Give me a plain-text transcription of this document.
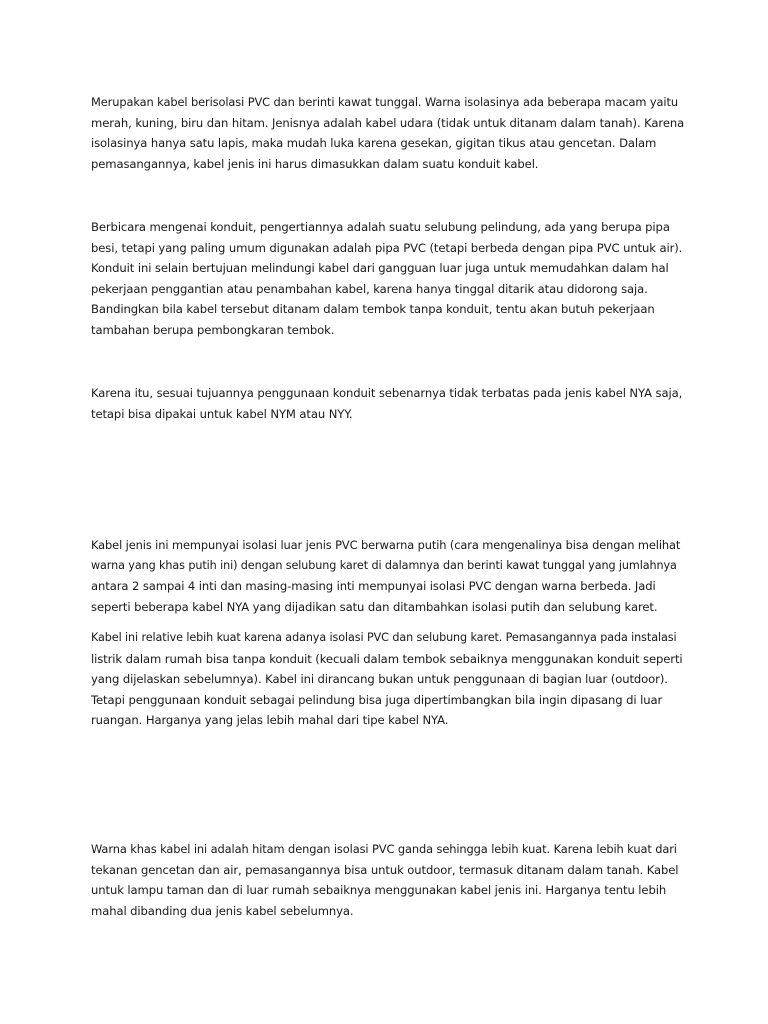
Merupakan kabel berisolasi PVC dan berinti kawat tunggal. Warna isolasinya ada beberapa macam yaitu
merah, kuning, biru dan hitam. Jenisnya adalah kabel udara (tidak untuk ditanam dalam tanah). Karena
isolasinya hanya satu lapis, maka mudah luka karena gesekan, gigitan tikus atau gencetan. Dalam
pemasangannya, kabel jenis ini harus dimasukkan dalam suatu konduit kabel.

Berbicara mengenai konduit, pengertiannya adalah suatu selubung pelindung, ada yang berupa pipa
besi, tetapi yang paling umum digunakan adalah pipa PVC (tetapi berbeda dengan pipa PVC untuk air).
Konduit ini selain bertujuan melindungi kabel dari gangguan luar juga untuk memudahkan dalam hal
pekerjaan penggantian atau penambahan kabel, karena hanya tinggal ditarik atau didorong saja.
Bandingkan bila kabel tersebut ditanam dalam tembok tanpa konduit, tentu akan butuh pekerjaan
tambahan berupa pembongkaran tembok.

Karena itu, sesuai tujuannya penggunaan konduit sebenarnya tidak terbatas pada jenis kabel NYA saja,
tetapi bisa dipakai untuk kabel NYM atau NYY.

Kabel jenis ini mempunyai isolasi luar jenis PVC berwarna putih (cara mengenalinya bisa dengan melihat
warna yang khas putih ini) dengan selubung karet di dalamnya dan berinti kawat tunggal yang jumlahnya
antara 2 sampai 4 inti dan masing-masing inti mempunyai isolasi PVC dengan warna berbeda. Jadi
seperti beberapa kabel NYA yang dijadikan satu dan ditambahkan isolasi putih dan selubung karet.

Kabel ini relative lebih kuat karena adanya isolasi PVC dan selubung karet. Pemasangannya pada instalasi
listrik dalam rumah bisa tanpa konduit (kecuali dalam tembok sebaiknya menggunakan konduit seperti
yang dijelaskan sebelumnya). Kabel ini dirancang bukan untuk penggunaan di bagian luar (outdoor).
Tetapi penggunaan konduit sebagai pelindung bisa juga dipertimbangkan bila ingin dipasang di luar
ruangan. Harganya yang jelas lebih mahal dari tipe kabel NYA.

Warna khas kabel ini adalah hitam dengan isolasi PVC ganda sehingga lebih kuat. Karena lebih kuat dari
tekanan gencetan dan air, pemasangannya bisa untuk outdoor, termasuk ditanam dalam tanah. Kabel
untuk lampu taman dan di luar rumah sebaiknya menggunakan kabel jenis ini. Harganya tentu lebih
mahal dibanding dua jenis kabel sebelumnya.
